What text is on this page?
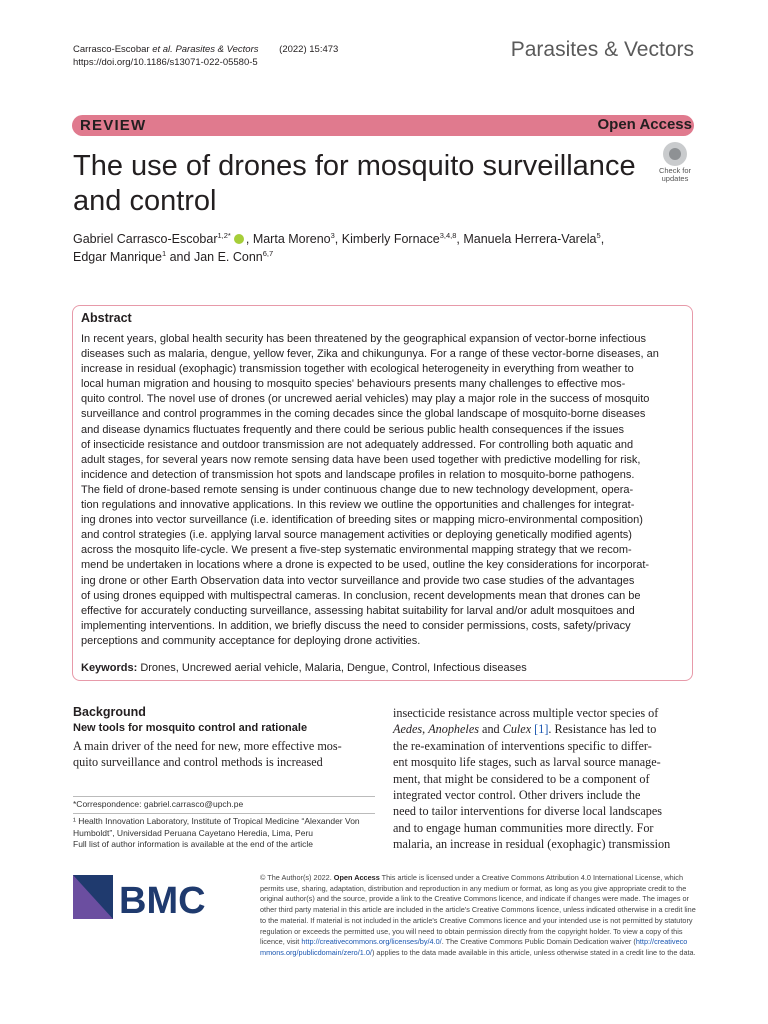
Carrasco-Escobar et al. Parasites & Vectors (2022) 15:473
https://doi.org/10.1186/s13071-022-05580-5
Parasites & Vectors
REVIEW	Open Access
The use of drones for mosquito surveillance and control
Check for
updates
Gabriel Carrasco-Escobar$^{1,2*}$ , Marta Moreno$^3$, Kimberly Fornace$^{3,4,8}$, Manuela Herrera-Varela$^5$,
Edgar Manrique$^1$ and Jan E. Conn$^{6,7}$
Abstract
In recent years, global health security has been threatened by the geographical expansion of vector-borne infectious
diseases such as malaria, dengue, yellow fever, Zika and chikungunya. For a range of these vector-borne diseases, an
increase in residual (exophagic) transmission together with ecological heterogeneity in everything from weather to
local human migration and housing to mosquito species' behaviours presents many challenges to effective mos-
quito control. The novel use of drones (or uncrewed aerial vehicles) may play a major role in the success of mosquito
surveillance and control programmes in the coming decades since the global landscape of mosquito-borne diseases
and disease dynamics fluctuates frequently and there could be serious public health consequences if the issues
of insecticide resistance and outdoor transmission are not adequately addressed. For controlling both aquatic and
adult stages, for several years now remote sensing data have been used together with predictive modelling for risk,
incidence and detection of transmission hot spots and landscape profiles in relation to mosquito-borne pathogens.
The field of drone-based remote sensing is under continuous change due to new technology development, opera-
tion regulations and innovative applications. In this review we outline the opportunities and challenges for integrat-
ing drones into vector surveillance (i.e. identification of breeding sites or mapping micro-environmental composition)
and control strategies (i.e. applying larval source management activities or deploying genetically modified agents)
across the mosquito life-cycle. We present a five-step systematic environmental mapping strategy that we recom-
mend be undertaken in locations where a drone is expected to be used, outline the key considerations for incorporat-
ing drone or other Earth Observation data into vector surveillance and provide two case studies of the advantages
of using drones equipped with multispectral cameras. In conclusion, recent developments mean that drones can be
effective for accurately conducting surveillance, assessing habitat suitability for larval and/or adult mosquitoes and
implementing interventions. In addition, we briefly discuss the need to consider permissions, costs, safety/privacy
perceptions and community acceptance for deploying drone activities.
Keywords: Drones, Uncrewed aerial vehicle, Malaria, Dengue, Control, Infectious diseases
Background
New tools for mosquito control and rationale
A main driver of the need for new, more effective mos-
quito surveillance and control methods is increased
*Correspondence: gabriel.carrasco@upch.pe
¹ Health Innovation Laboratory, Institute of Tropical Medicine “Alexander Von
Humboldt”, Universidad Peruana Cayetano Heredia, Lima, Peru
Full list of author information is available at the end of the article
insecticide resistance across multiple vector species of
Aedes, Anopheles and Culex [1]. Resistance has led to
the re-examination of interventions specific to differ-
ent mosquito life stages, such as larval source manage-
ment, that might be considered to be a component of
integrated vector control. Other drivers include the
need to tailor interventions for diverse local landscapes
and to engage human communities more directly. For
malaria, an increase in residual (exophagic) transmission
BMC
© The Author(s) 2022. Open Access This article is licensed under a Creative Commons Attribution 4.0 International License, which
permits use, sharing, adaptation, distribution and reproduction in any medium or format, as long as you give appropriate credit to the
original author(s) and the source, provide a link to the Creative Commons licence, and indicate if changes were made. The images or
other third party material in this article are included in the article's Creative Commons licence, unless indicated otherwise in a credit line
to the material. If material is not included in the article's Creative Commons licence and your intended use is not permitted by statutory
regulation or exceeds the permitted use, you will need to obtain permission directly from the copyright holder. To view a copy of this
licence, visit http://creativecommons.org/licenses/by/4.0/. The Creative Commons Public Domain Dedication waiver (http://creativeco
mmons.org/publicdomain/zero/1.0/) applies to the data made available in this article, unless otherwise stated in a credit line to the data.
